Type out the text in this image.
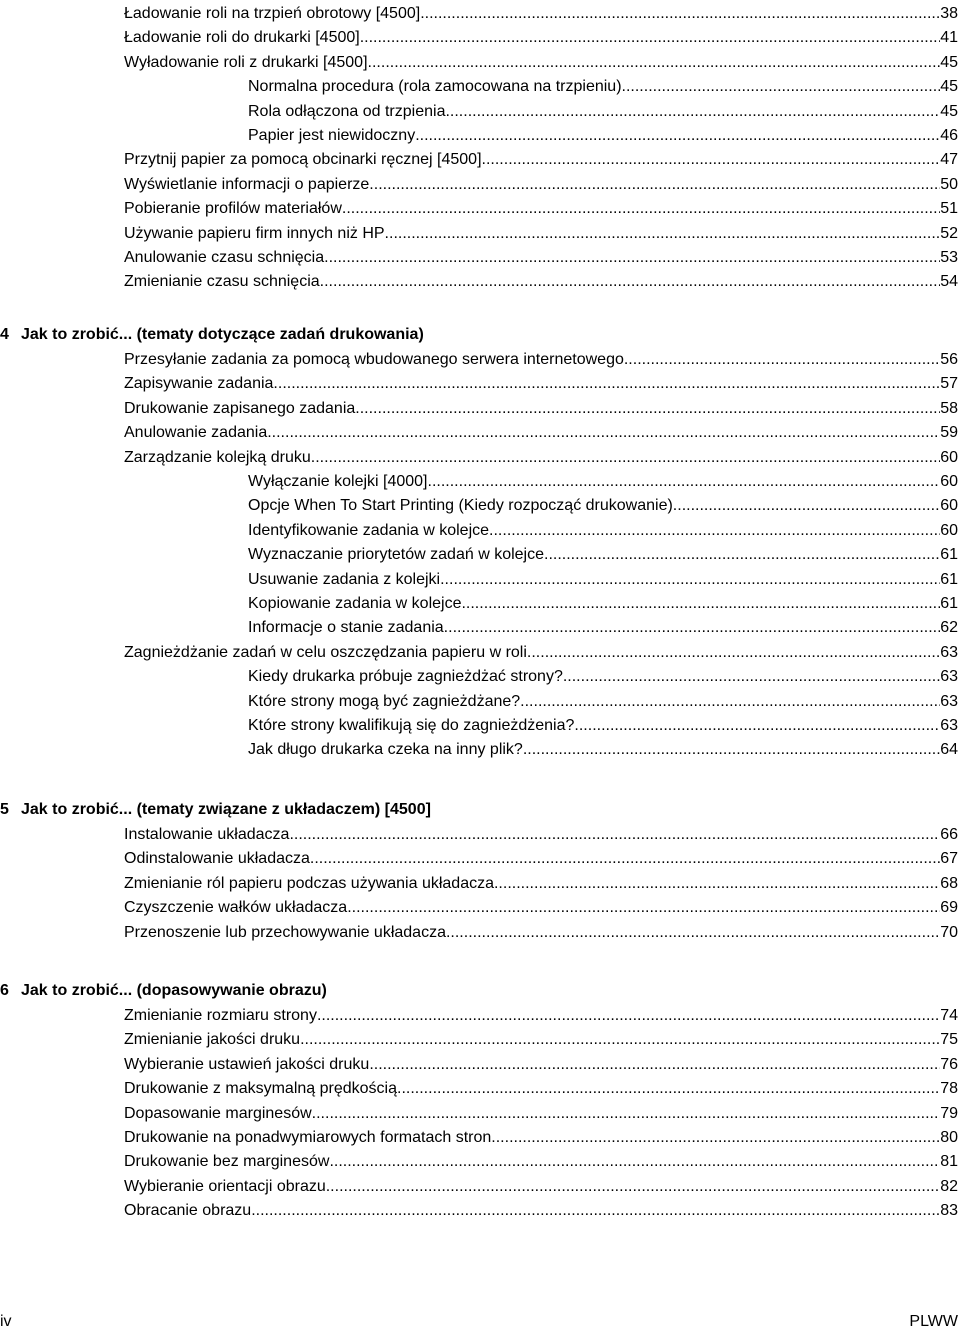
Ładowanie roli na trzpień obrotowy [4500] .....	38
Ładowanie roli do drukarki [4500] .....	41
Wyładowanie roli z drukarki [4500] .....	45
Normalna procedura (rola zamocowana na trzpieniu) .....	45
Rola odłączona od trzpienia .....	45
Papier jest niewidoczny .....	46
Przytnij papier za pomocą obcinarki ręcznej [4500] .....	47
Wyświetlanie informacji o papierze .....	50
Pobieranie profilów materiałów .....	51
Używanie papieru firm innych niż HP .....	52
Anulowanie czasu schnięcia .....	53
Zmienianie czasu schnięcia .....	54
4 Jak to zrobić... (tematy dotyczące zadań drukowania)
Przesyłanie zadania za pomocą wbudowanego serwera internetowego .....	56
Zapisywanie zadania .....	57
Drukowanie zapisanego zadania .....	58
Anulowanie zadania .....	59
Zarządzanie kolejką druku .....	60
Wyłączanie kolejki [4000] .....	60
Opcje When To Start Printing (Kiedy rozpocząć drukowanie) .....	60
Identyfikowanie zadania w kolejce .....	60
Wyznaczanie priorytetów zadań w kolejce .....	61
Usuwanie zadania z kolejki .....	61
Kopiowanie zadania w kolejce .....	61
Informacje o stanie zadania .....	62
Zagnieżdżanie zadań w celu oszczędzania papieru w roli .....	63
Kiedy drukarka próbuje zagnieżdżać strony? .....	63
Które strony mogą być zagnieżdżane? .....	63
Które strony kwalifikują się do zagnieżdżenia? .....	63
Jak długo drukarka czeka na inny plik? .....	64
5 Jak to zrobić... (tematy związane z układaczem) [4500]
Instalowanie układacza .....	66
Odinstalowanie układacza .....	67
Zmienianie ról papieru podczas używania układacza .....	68
Czyszczenie wałków układacza .....	69
Przenoszenie lub przechowywanie układacza .....	70
6 Jak to zrobić... (dopasowywanie obrazu)
Zmienianie rozmiaru strony .....	74
Zmienianie jakości druku .....	75
Wybieranie ustawień jakości druku .....	76
Drukowanie z maksymalną prędkością .....	78
Dopasowanie marginesów .....	79
Drukowanie na ponadwymiarowych formatach stron .....	80
Drukowanie bez marginesów .....	81
Wybieranie orientacji obrazu .....	82
Obracanie obrazu .....	83
iv	PLWW
